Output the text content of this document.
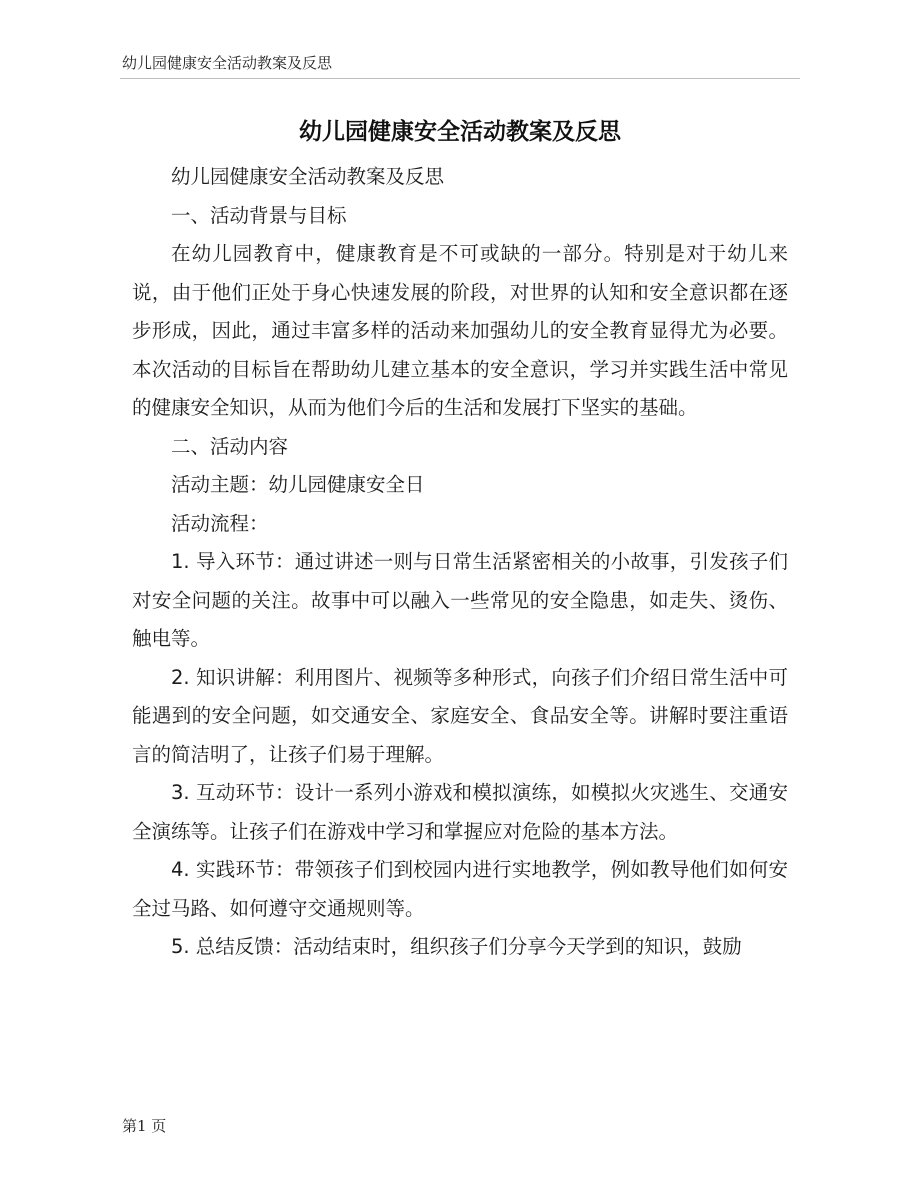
幼儿园健康安全活动教案及反思
幼儿园健康安全活动教案及反思

幼儿园健康安全活动教案及反思

一、活动背景与目标

在幼儿园教育中，健康教育是不可或缺的一部分。特别是对于幼儿来说，由于他们正处于身心快速发展的阶段，对世界的认知和安全意识都在逐步形成，因此，通过丰富多样的活动来加强幼儿的安全教育显得尤为必要。本次活动的目标旨在帮助幼儿建立基本的安全意识，学习并实践生活中常见的健康安全知识，从而为他们今后的生活和发展打下坚实的基础。

二、活动内容

活动主题：幼儿园健康安全日

活动流程：

1. 导入环节：通过讲述一则与日常生活紧密相关的小故事，引发孩子们对安全问题的关注。故事中可以融入一些常见的安全隐患，如走失、烫伤、触电等。

2. 知识讲解：利用图片、视频等多种形式，向孩子们介绍日常生活中可能遇到的安全问题，如交通安全、家庭安全、食品安全等。讲解时要注重语言的简洁明了，让孩子们易于理解。

3. 互动环节：设计一系列小游戏和模拟演练，如模拟火灾逃生、交通安全演练等。让孩子们在游戏中学习和掌握应对危险的基本方法。

4. 实践环节：带领孩子们到校园内进行实地教学，例如教导他们如何安全过马路、如何遵守交通规则等。

5. 总结反馈：活动结束时，组织孩子们分享今天学到的知识，鼓励

第1 页
